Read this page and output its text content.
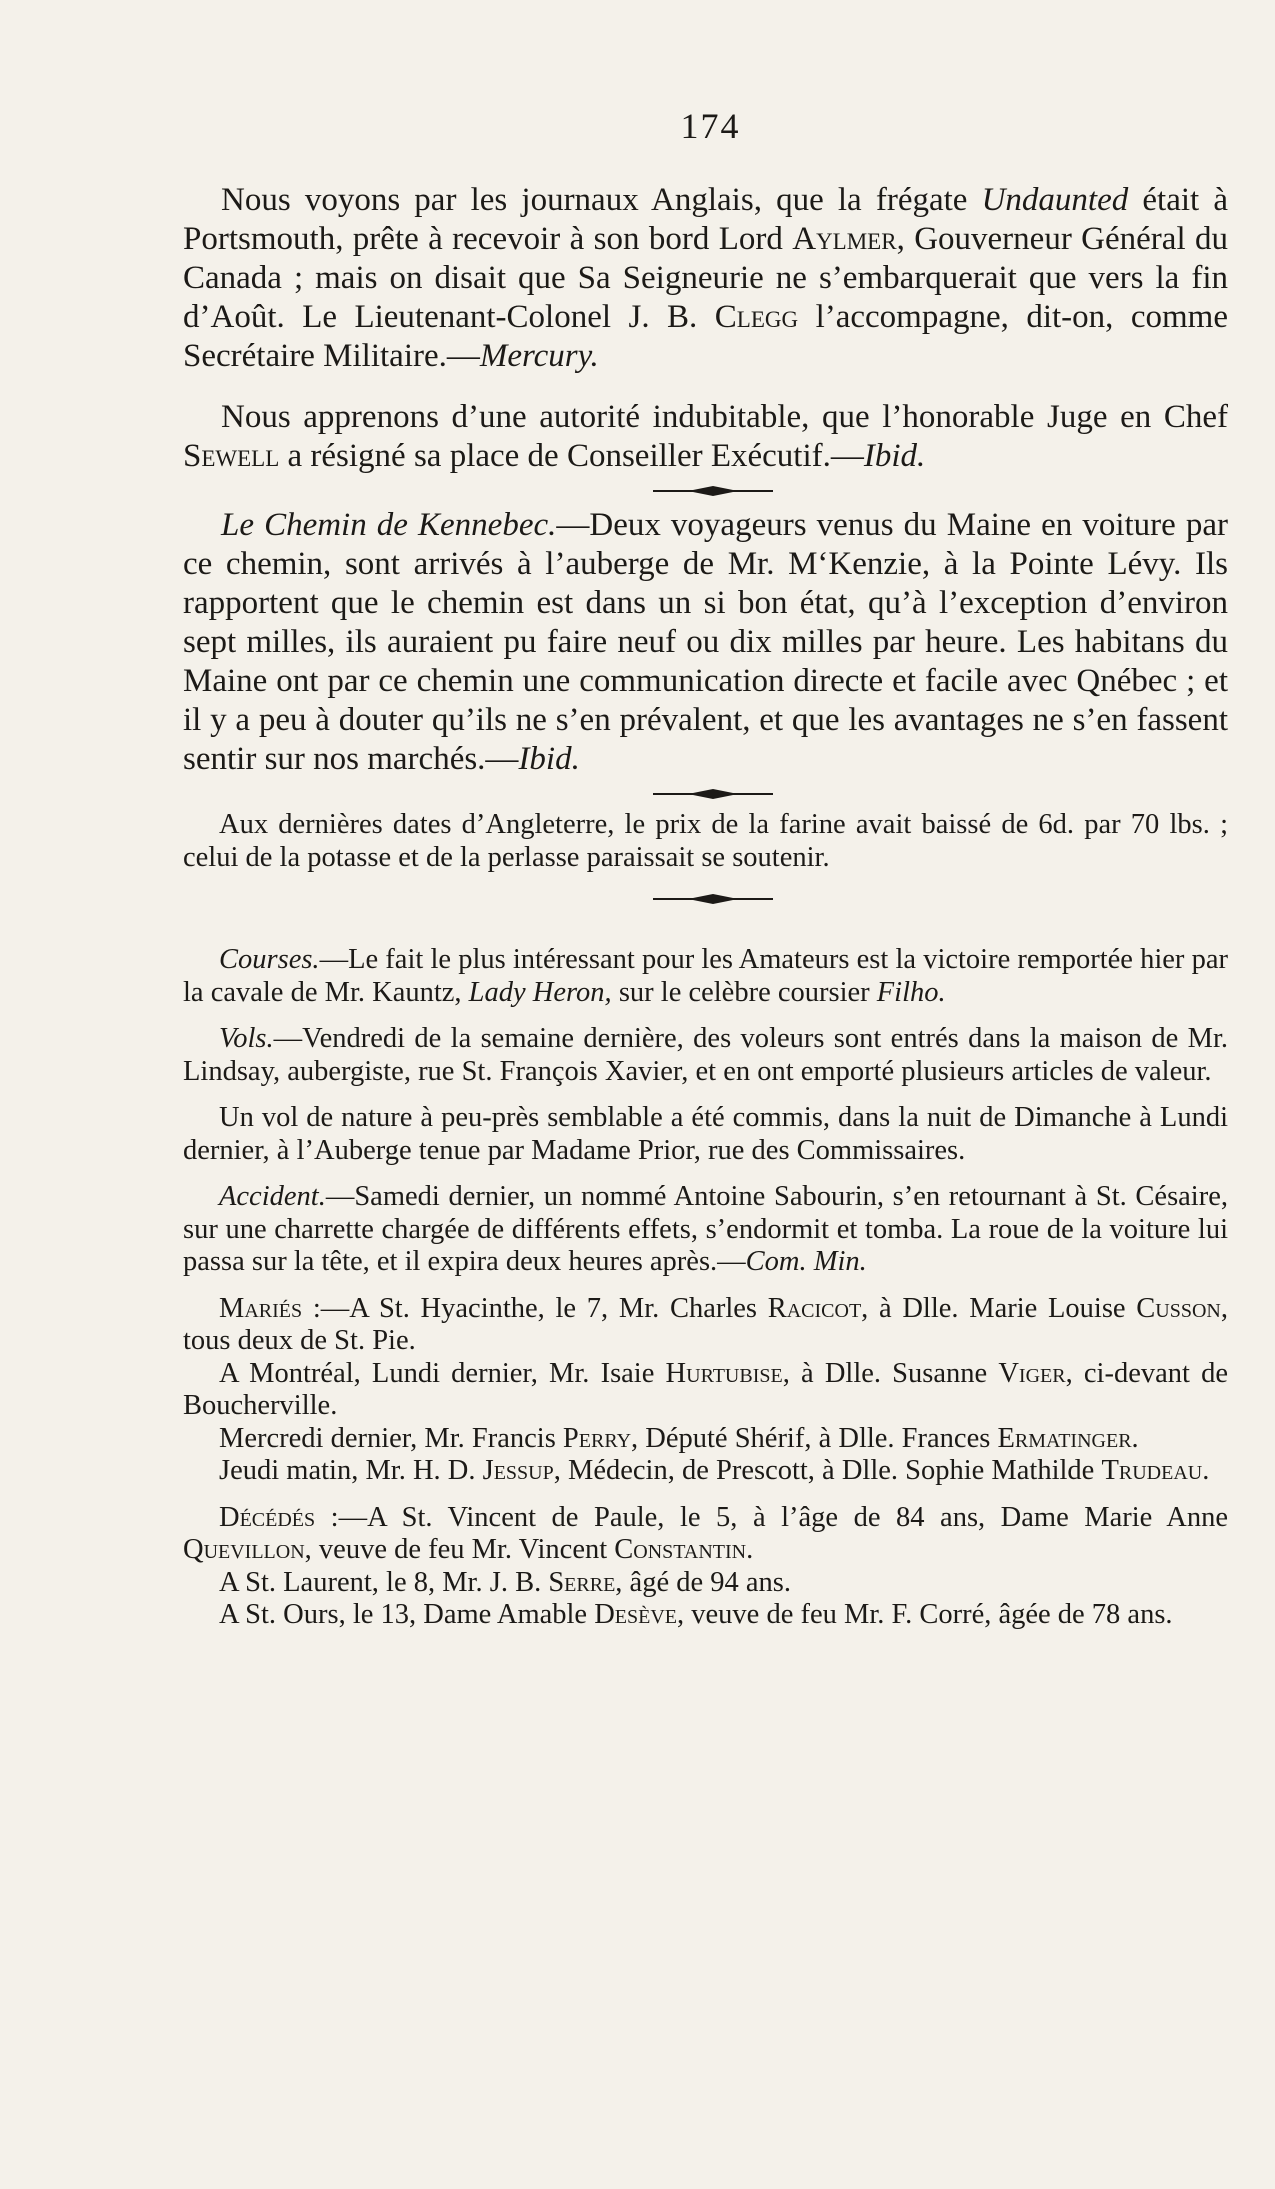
174

Nous voyons par les journaux Anglais, que la frégate Undaunted était à Portsmouth, prête à recevoir à son bord Lord Aylmer, Gouverneur Général du Canada ; mais on disait que Sa Seigneurie ne s’embarquerait que vers la fin d’Août. Le Lieutenant-Colonel J. B. Clegg l’accompagne, dit-on, comme Secrétaire Militaire.—Mercury.

Nous apprenons d’une autorité indubitable, que l’honorable Juge en Chef Sewell a résigné sa place de Conseiller Exécutif.—Ibid.

Le Chemin de Kennebec.—Deux voyageurs venus du Maine en voiture par ce chemin, sont arrivés à l’auberge de Mr. M‘Kenzie, à la Pointe Lévy. Ils rapportent que le chemin est dans un si bon état, qu’à l’exception d’environ sept milles, ils auraient pu faire neuf ou dix milles par heure. Les habitans du Maine ont par ce chemin une communication directe et facile avec Qnébec ; et il y a peu à douter qu’ils ne s’en prévalent, et que les avantages ne s’en fassent sentir sur nos marchés.—Ibid.

Aux dernières dates d’Angleterre, le prix de la farine avait baissé de 6d. par 70 lbs. ; celui de la potasse et de la perlasse paraissait se soutenir.

Courses.—Le fait le plus intéressant pour les Amateurs est la victoire remportée hier par la cavale de Mr. Kauntz, Lady Heron, sur le celèbre coursier Filho.

Vols.—Vendredi de la semaine dernière, des voleurs sont entrés dans la maison de Mr. Lindsay, aubergiste, rue St. François Xavier, et en ont emporté plusieurs articles de valeur.

Un vol de nature à peu-près semblable a été commis, dans la nuit de Dimanche à Lundi dernier, à l’Auberge tenue par Madame Prior, rue des Commissaires.

Accident.—Samedi dernier, un nommé Antoine Sabourin, s’en retournant à St. Césaire, sur une charrette chargée de différents effets, s’endormit et tomba. La roue de la voiture lui passa sur la tête, et il expira deux heures après.—Com. Min.

Mariés :—A St. Hyacinthe, le 7, Mr. Charles Racicot, à Dlle. Marie Louise Cusson, tous deux de St. Pie.

A Montréal, Lundi dernier, Mr. Isaie Hurtubise, à Dlle. Susanne Viger, ci-devant de Boucherville.

Mercredi dernier, Mr. Francis Perry, Député Shérif, à Dlle. Frances Ermatinger.

Jeudi matin, Mr. H. D. Jessup, Médecin, de Prescott, à Dlle. Sophie Mathilde Trudeau.

Décédés :—A St. Vincent de Paule, le 5, à l’âge de 84 ans, Dame Marie Anne Quevillon, veuve de feu Mr. Vincent Constantin.

A St. Laurent, le 8, Mr. J. B. Serre, âgé de 94 ans.

A St. Ours, le 13, Dame Amable Desève, veuve de feu Mr. F. Corré, âgée de 78 ans.
